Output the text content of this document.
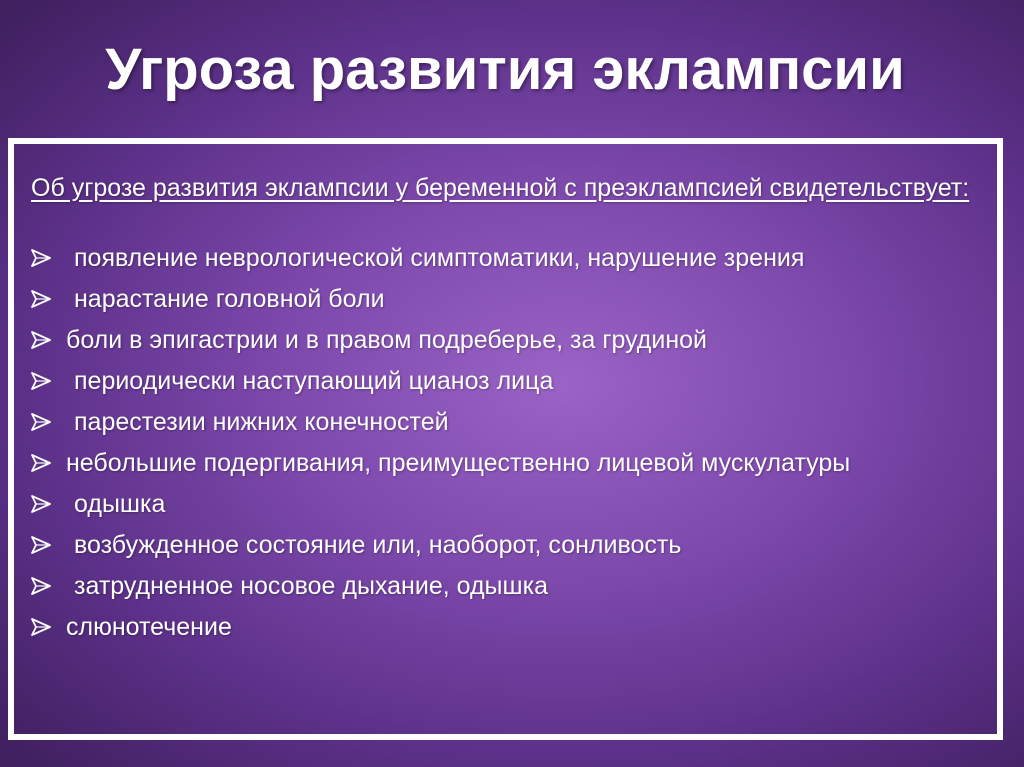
Угроза развития эклампсии
Об угрозе развития эклампсии у беременной с преэклампсией свидетельствует:
появление неврологической симптоматики, нарушение зрения
нарастание головной боли
боли в эпигастрии и в правом подреберье, за грудиной
периодически наступающий цианоз лица
парестезии нижних конечностей
небольшие подергивания, преимущественно лицевой мускулатуры
одышка
возбужденное состояние или, наоборот, сонливость
затрудненное носовое дыхание, одышка
слюнотечение
